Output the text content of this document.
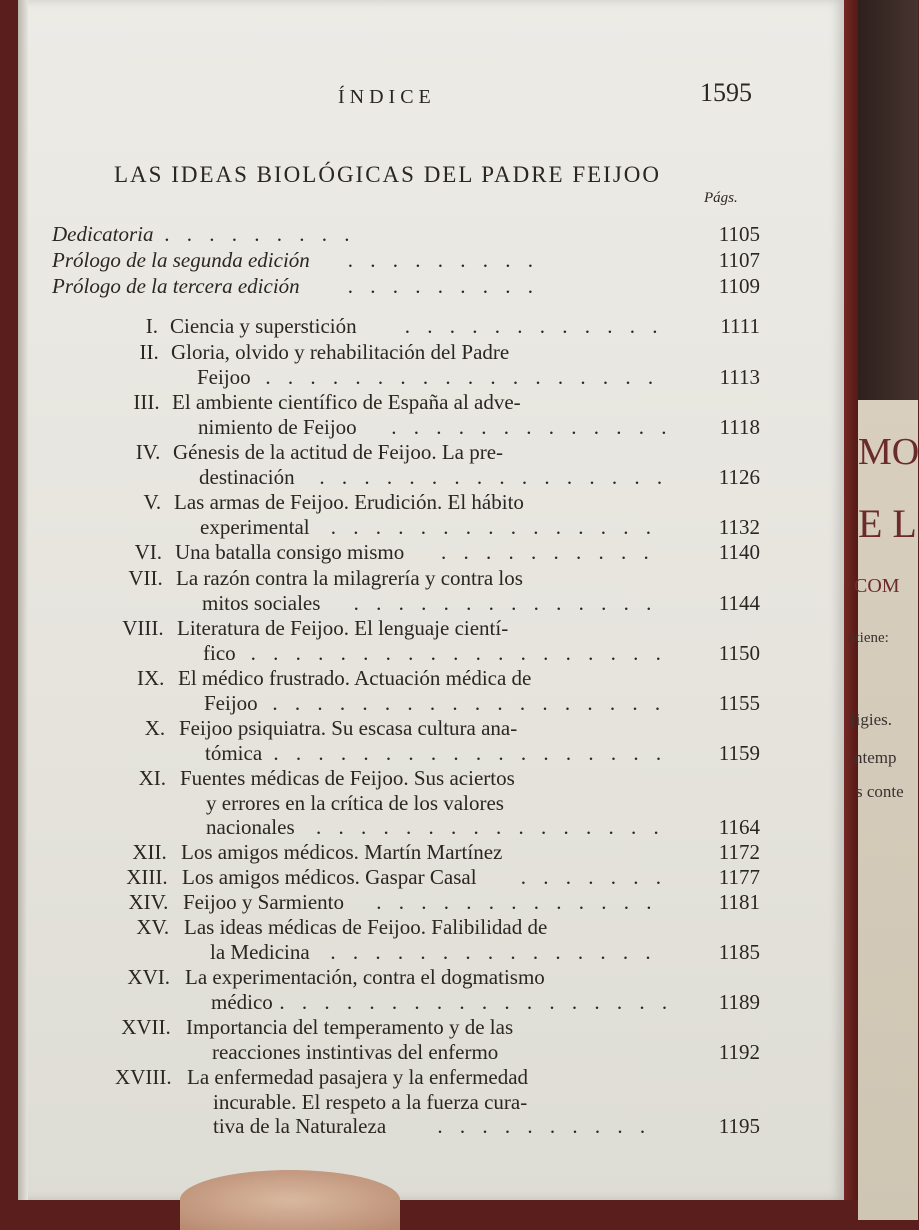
MO
E L
COM
ntiene:
figies.
ntemp
s conte
ÍNDICE	1595
LAS IDEAS BIOLÓGICAS DEL PADRE FEIJOO
Págs.
Dedicatoria . . . . . . . . .	1105
Prólogo de la segunda edición . . . . . . . . .	1107
Prólogo de la tercera edición . . . . . . . . .	1109
I. Ciencia y superstición . . . . . . . . . . . .	1111
II. Gloria, olvido y rehabilitación del Padre
Feijoo . . . . . . . . . . . . . . . . . .	1113
III. El ambiente científico de España al adve-
nimiento de Feijoo . . . . . . . . . . . . .	1118
IV. Génesis de la actitud de Feijoo. La pre-
destinación . . . . . . . . . . . . . . . .	1126
V. Las armas de Feijoo. Erudición. El hábito
experimental . . . . . . . . . . . . . . .	1132
VI. Una batalla consigo mismo . . . . . . . . . .	1140
VII. La razón contra la milagrería y contra los
mitos sociales . . . . . . . . . . . . . .	1144
VIII. Literatura de Feijoo. El lenguaje cientí-
fico . . . . . . . . . . . . . . . . . . .	1150
IX. El médico frustrado. Actuación médica de
Feijoo . . . . . . . . . . . . . . . . . .	1155
X. Feijoo psiquiatra. Su escasa cultura ana-
tómica . . . . . . . . . . . . . . . . . .	1159
XI. Fuentes médicas de Feijoo. Sus aciertos
y errores en la crítica de los valores
nacionales . . . . . . . . . . . . . . . .	1164
XII. Los amigos médicos. Martín Martínez	1172
XIII. Los amigos médicos. Gaspar Casal . . . . . . .	1177
XIV. Feijoo y Sarmiento . . . . . . . . . . . . .	1181
XV. Las ideas médicas de Feijoo. Falibilidad de
la Medicina . . . . . . . . . . . . . . .	1185
XVI. La experimentación, contra el dogmatismo
médico . . . . . . . . . . . . . . . . . .	1189
XVII. Importancia del temperamento y de las
reacciones instintivas del enfermo	1192
XVIII. La enfermedad pasajera y la enfermedad
incurable. El respeto a la fuerza cura-
tiva de la Naturaleza . . . . . . . . . .	1195
